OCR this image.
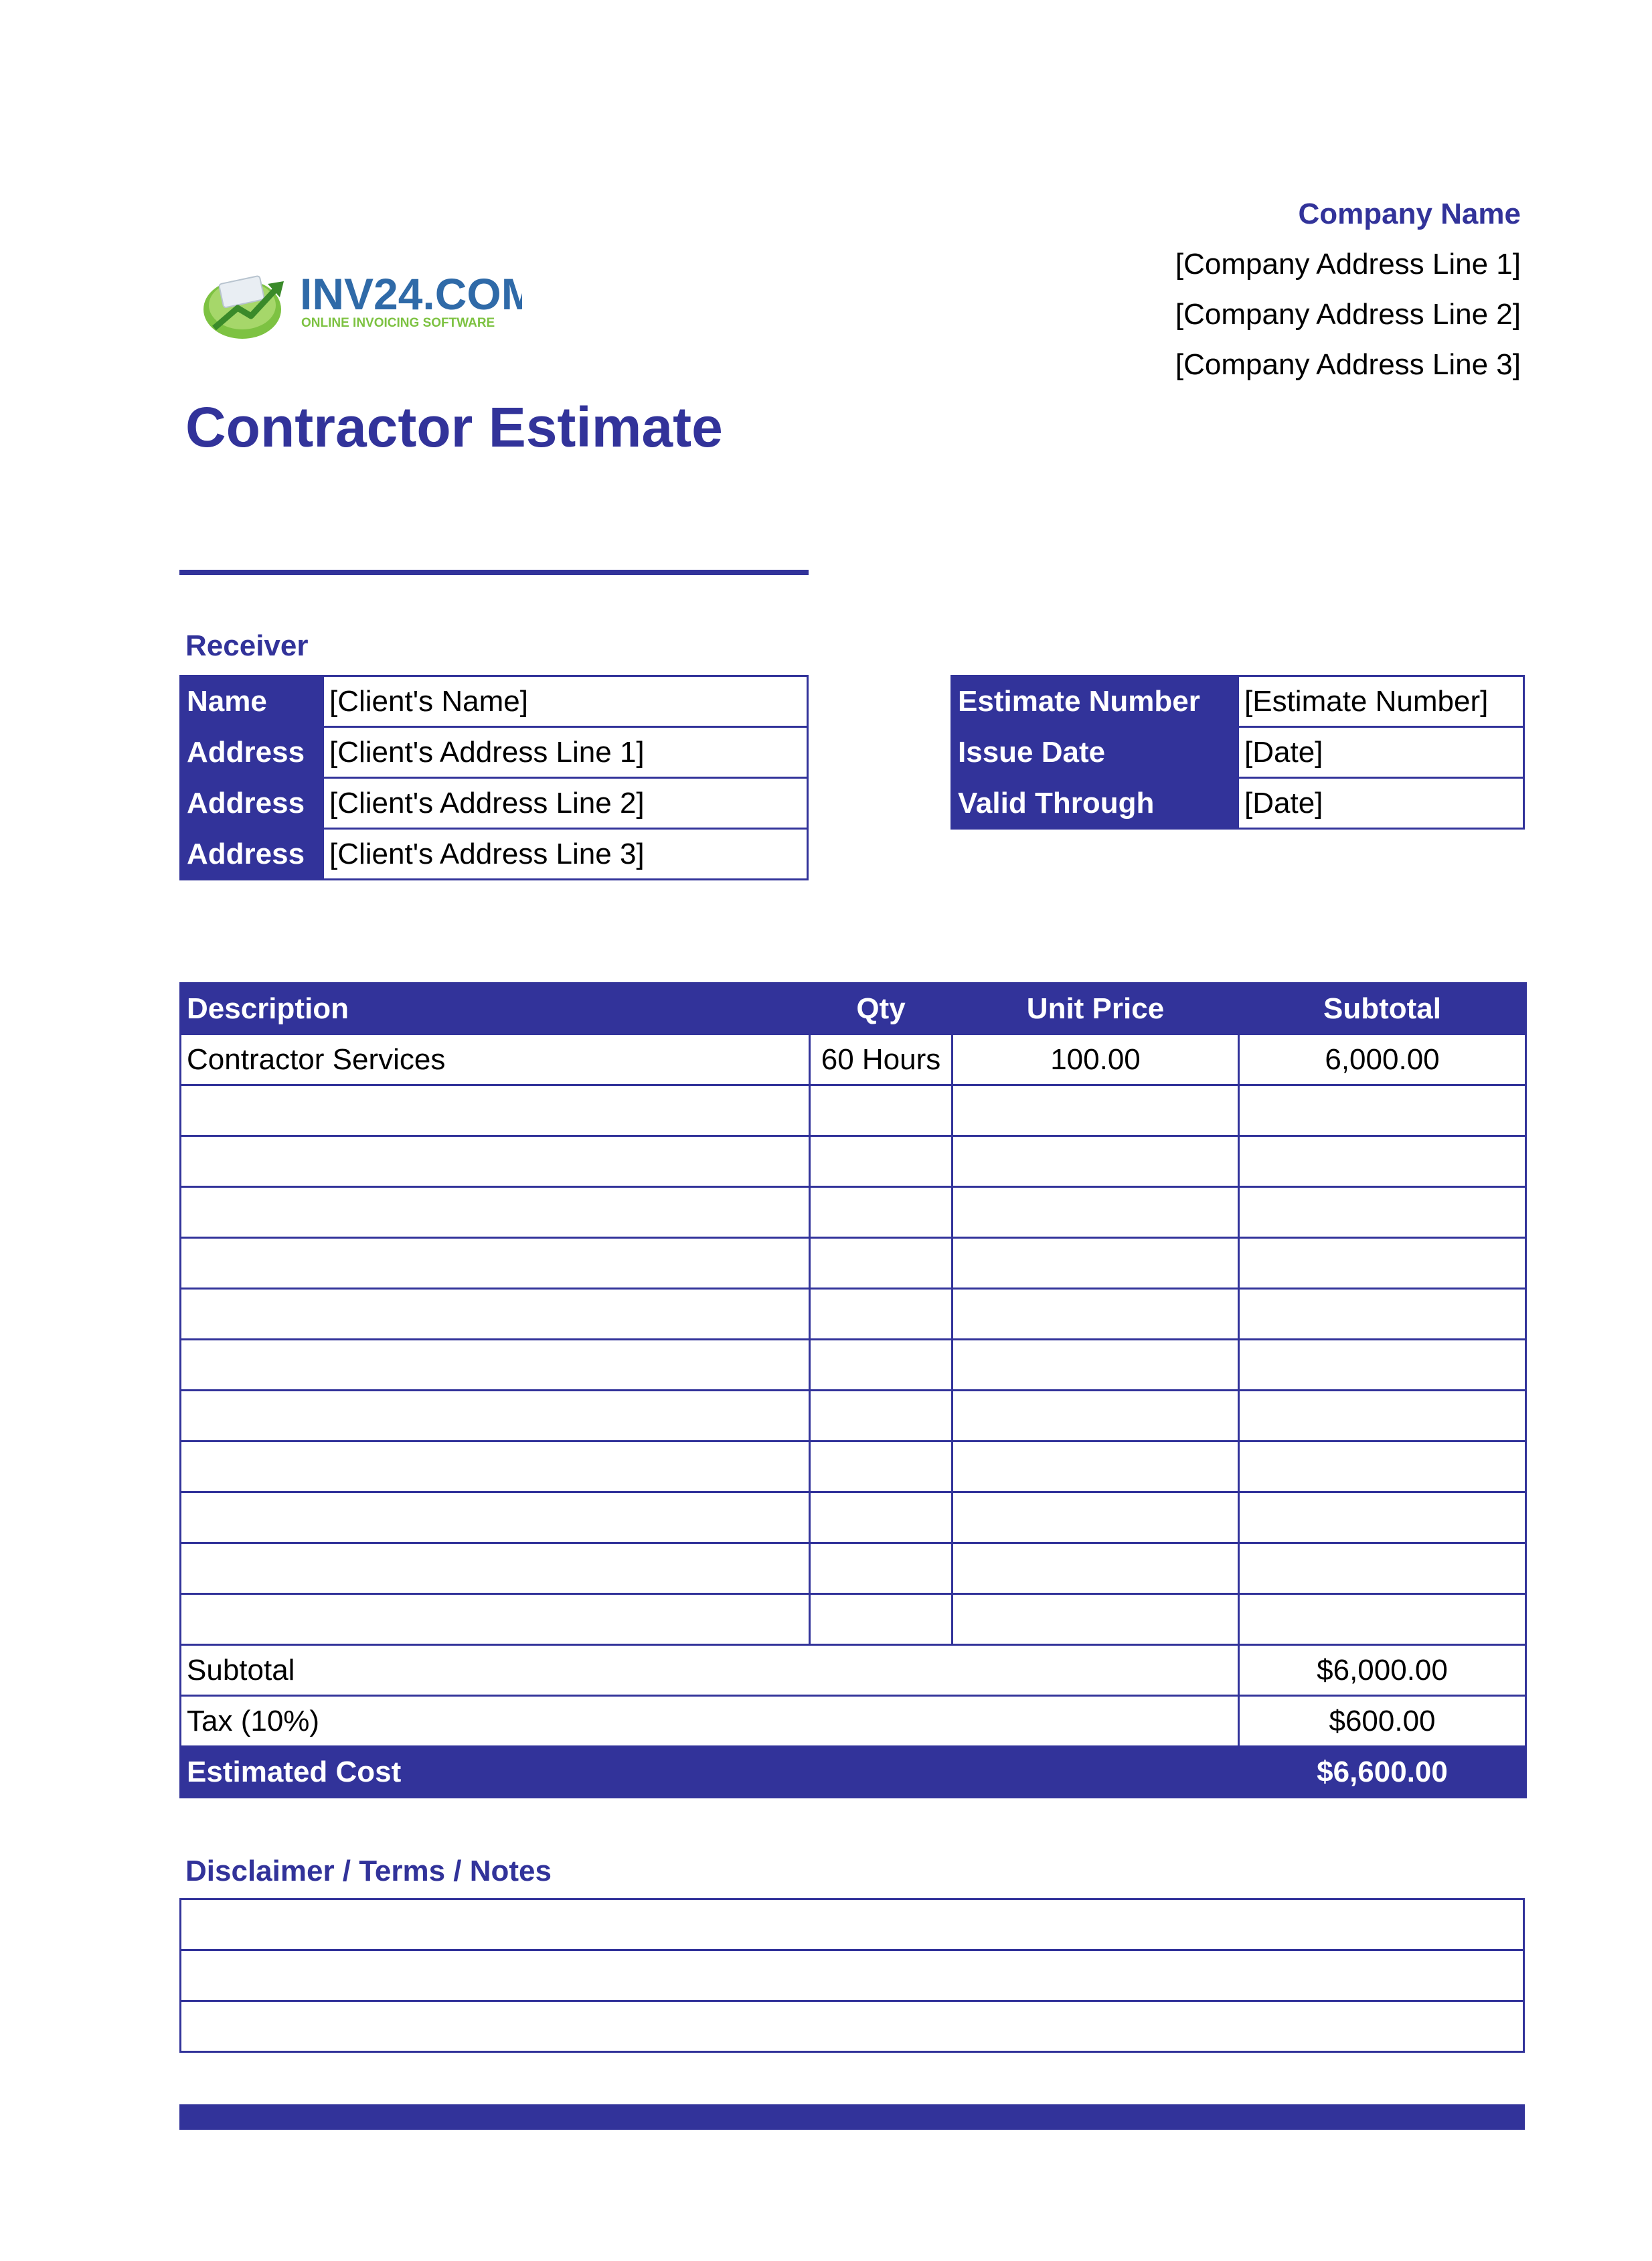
Company Name
[Company Address Line 1]
[Company Address Line 2]
[Company Address Line 3]
INV24.COM
ONLINE INVOICING SOFTWARE
Contractor Estimate
Receiver
Name	[Client's Name]
Address	[Client's Address Line 1]
Address	[Client's Address Line 2]
Address	[Client's Address Line 3]
Estimate Number	[Estimate Number]
Issue Date	[Date]
Valid Through	[Date]
Description	Qty	Unit Price	Subtotal
Contractor Services	60 Hours	100.00	6,000.00

Subtotal			$6,000.00
Tax (10%)			$600.00
Estimated Cost			$6,600.00
Disclaimer / Terms / Notes
